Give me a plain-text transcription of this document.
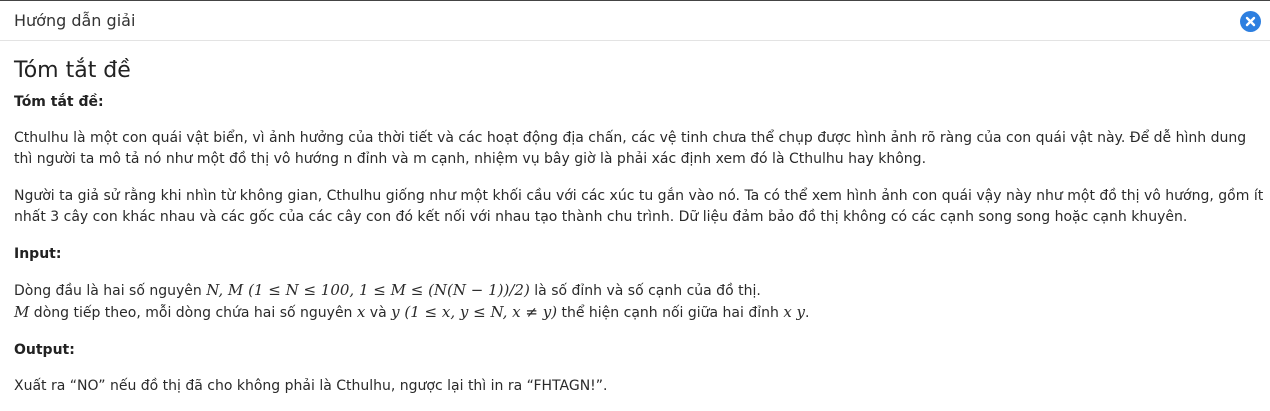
Hướng dẫn giải
Tóm tắt đề
Tóm tắt đề:

Cthulhu là một con quái vật biển, vì ảnh hưởng của thời tiết và các hoạt động địa chấn, các vệ tinh chưa thể chụp được hình ảnh rõ ràng của con quái vật này. Để dễ hình dung thì người ta mô tả nó như một đồ thị vô hướng n đỉnh và m cạnh, nhiệm vụ bây giờ là phải xác định xem đó là Cthulhu hay không.

Người ta giả sử rằng khi nhìn từ không gian, Cthulhu giống như một khối cầu với các xúc tu gắn vào nó. Ta có thể xem hình ảnh con quái vậy này như một đồ thị vô hướng, gồm ít nhất 3 cây con khác nhau và các gốc của các cây con đó kết nối với nhau tạo thành chu trình. Dữ liệu đảm bảo đồ thị không có các cạnh song song hoặc cạnh khuyên.

Input:

Dòng đầu là hai số nguyên N, M (1 ≤ N ≤ 100, 1 ≤ M ≤ (N(N − 1))/2) là số đỉnh và số cạnh của đồ thị.

M dòng tiếp theo, mỗi dòng chứa hai số nguyên x và y (1 ≤ x, y ≤ N, x ≠ y) thể hiện cạnh nối giữa hai đỉnh x y.

Output:

Xuất ra “NO” nếu đồ thị đã cho không phải là Cthulhu, ngược lại thì in ra “FHTAGN!”.
